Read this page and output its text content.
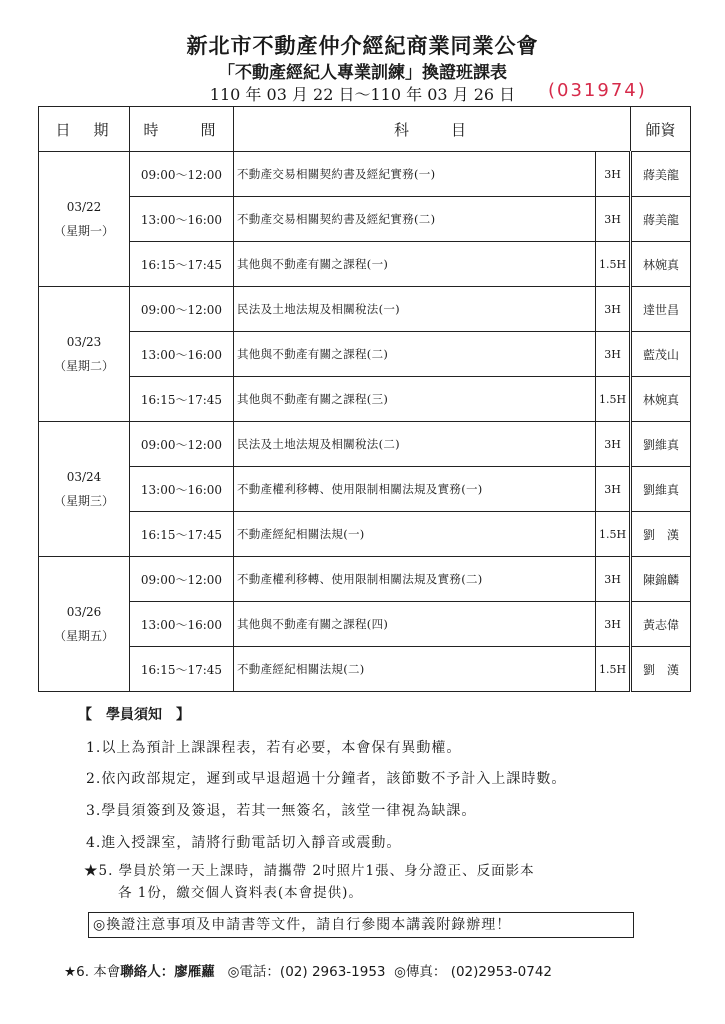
新北市不動產仲介經紀商業同業公會
「不動產經紀人專業訓練」換證班課表
110 年 03 月 22 日～110 年 03 月 26 日	(031974)
日　期	時　　間	科　　目		師資

03/22
（星期一）	09:00～12:00	不動產交易相關契約書及經紀實務(一)	3H	蔣美龍
	13:00～16:00	不動產交易相關契約書及經紀實務(二)	3H	蔣美龍
	16:15～17:45	其他與不動產有關之課程(一)	1.5H	林婉真

03/23
（星期二）	09:00～12:00	民法及土地法規及相關稅法(一)	3H	達世昌
	13:00～16:00	其他與不動產有關之課程(二)	3H	藍茂山
	16:15～17:45	其他與不動產有關之課程(三)	1.5H	林婉真

03/24
（星期三）	09:00～12:00	民法及土地法規及相關稅法(二)	3H	劉維真
	13:00～16:00	不動產權利移轉、使用限制相關法規及實務(一)	3H	劉維真
	16:15～17:45	不動產經紀相關法規(一)	1.5H	劉　漢

03/26
（星期五）	09:00～12:00	不動產權利移轉、使用限制相關法規及實務(二)	3H	陳錦麟
	13:00～16:00	其他與不動產有關之課程(四)	3H	黃志偉
	16:15～17:45	不動產經紀相關法規(二)	1.5H	劉　漢
【　學員須知　】
1.以上為預計上課課程表，若有必要，本會保有異動權。
2.依內政部規定，遲到或早退超過十分鐘者，該節數不予計入上課時數。
3.學員須簽到及簽退，若其一無簽名，該堂一律視為缺課。
4.進入授課室，請將行動電話切入靜音或震動。
★5. 學員於第一天上課時，請攜帶 2吋照片1張、身分證正、反面影本
各 1份，繳交個人資料表(本會提供)。
◎換證注意事項及申請書等文件，請自行參閱本講義附錄辦理！
★6. 本會聯絡人：廖雁蘿 ◎電話：(02) 2963-1953 ◎傳真： (02)2953-0742
